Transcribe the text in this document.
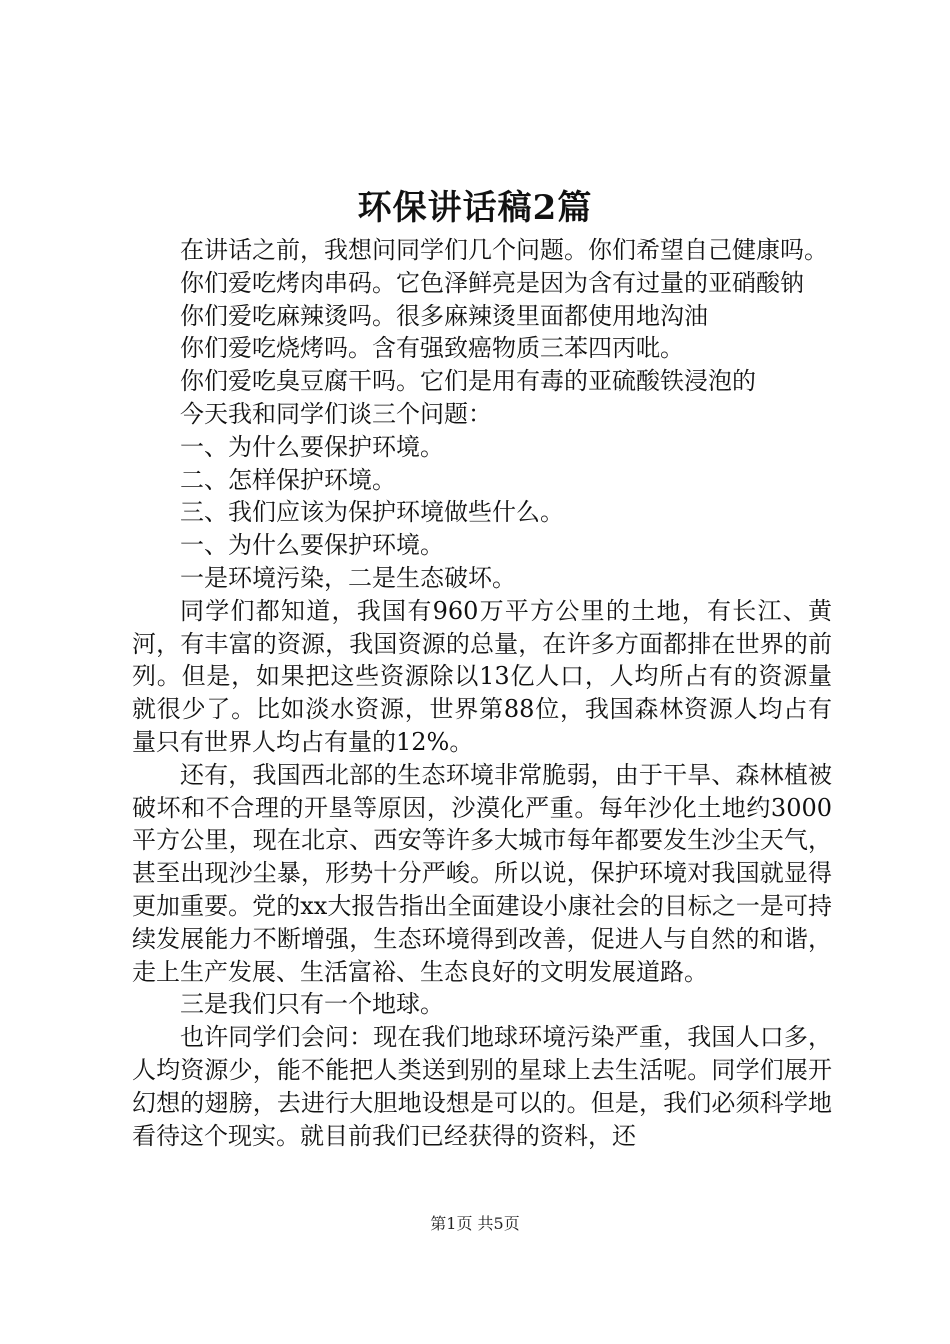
环保讲话稿2篇

在讲话之前，我想问同学们几个问题。你们希望自己健康吗。

你们爱吃烤肉串码。它色泽鲜亮是因为含有过量的亚硝酸钠

你们爱吃麻辣烫吗。很多麻辣烫里面都使用地沟油

你们爱吃烧烤吗。含有强致癌物质三苯四丙吡。

你们爱吃臭豆腐干吗。它们是用有毒的亚硫酸铁浸泡的

今天我和同学们谈三个问题：

一、为什么要保护环境。

二、怎样保护环境。

三、我们应该为保护环境做些什么。

一、为什么要保护环境。

一是环境污染，二是生态破坏。

同学们都知道，我国有960万平方公里的土地，有长江、黄河，有丰富的资源，我国资源的总量，在许多方面都排在世界的前列。但是，如果把这些资源除以13亿人口，人均所占有的资源量就很少了。比如淡水资源，世界第88位，我国森林资源人均占有量只有世界人均占有量的12%。

还有，我国西北部的生态环境非常脆弱，由于干旱、森林植被破坏和不合理的开垦等原因，沙漠化严重。每年沙化土地约3000平方公里，现在北京、西安等许多大城市每年都要发生沙尘天气，甚至出现沙尘暴，形势十分严峻。所以说，保护环境对我国就显得更加重要。党的xx大报告指出全面建设小康社会的目标之一是可持续发展能力不断增强，生态环境得到改善，促进人与自然的和谐，走上生产发展、生活富裕、生态良好的文明发展道路。

三是我们只有一个地球。

也许同学们会问：现在我们地球环境污染严重，我国人口多，人均资源少，能不能把人类送到别的星球上去生活呢。同学们展开幻想的翅膀，去进行大胆地设想是可以的。但是，我们必须科学地看待这个现实。就目前我们已经获得的资料，还

第1页 共5页
